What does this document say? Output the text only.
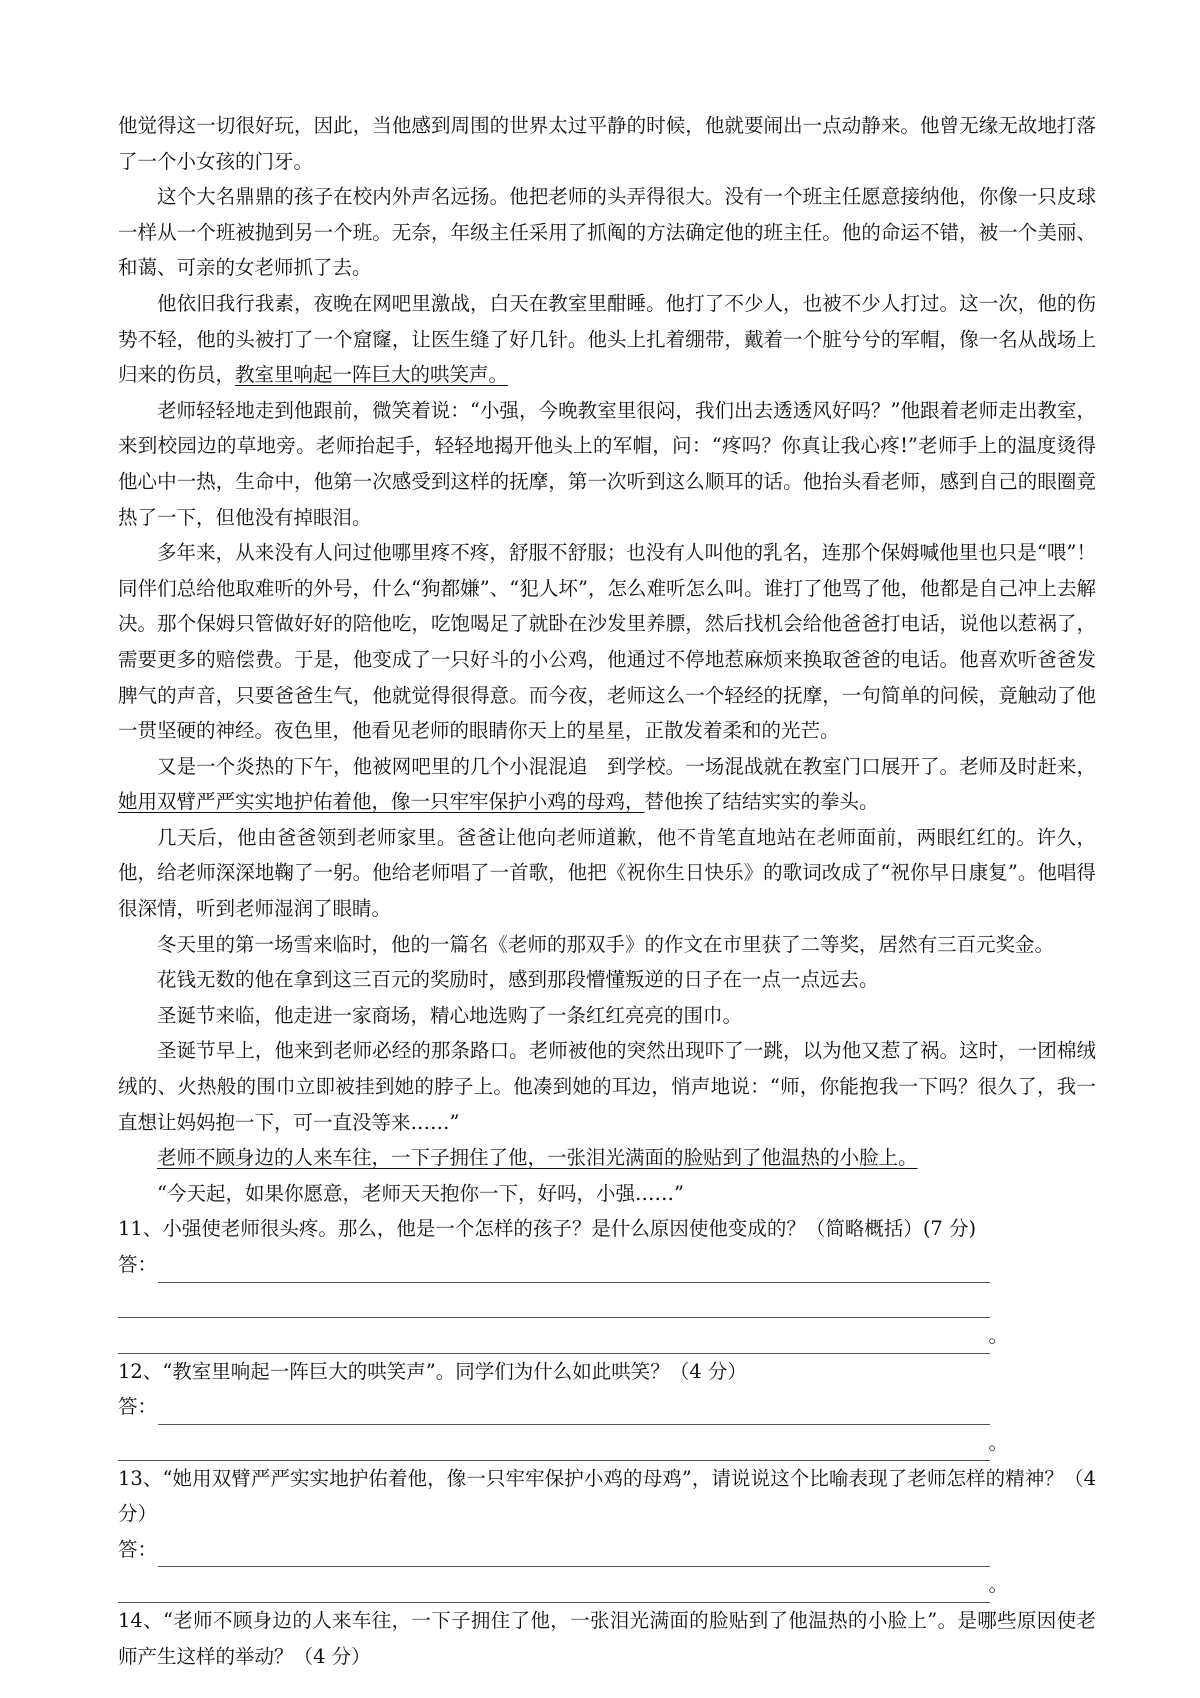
他觉得这一切很好玩，因此，当他感到周围的世界太过平静的时候，他就要闹出一点动静来。他曾无缘无故地打落了一个小女孩的门牙。

这个大名鼎鼎的孩子在校内外声名远扬。他把老师的头弄得很大。没有一个班主任愿意接纳他，你像一只皮球一样从一个班被抛到另一个班。无奈，年级主任采用了抓阄的方法确定他的班主任。他的命运不错，被一个美丽、和蔼、可亲的女老师抓了去。

他依旧我行我素，夜晚在网吧里激战，白天在教室里酣睡。他打了不少人，也被不少人打过。这一次，他的伤势不轻，他的头被打了一个窟窿，让医生缝了好几针。他头上扎着绷带，戴着一个脏兮兮的军帽，像一名从战场上归来的伤员，教室里响起一阵巨大的哄笑声。

老师轻轻地走到他跟前，微笑着说：“小强，今晚教室里很闷，我们出去透透风好吗？”他跟着老师走出教室，来到校园边的草地旁。老师抬起手，轻轻地揭开他头上的军帽，问：“疼吗？你真让我心疼!”老师手上的温度烫得他心中一热，生命中，他第一次感受到这样的抚摩，第一次听到这么顺耳的话。他抬头看老师，感到自己的眼圈竟热了一下，但他没有掉眼泪。

多年来，从来没有人问过他哪里疼不疼，舒服不舒服；也没有人叫他的乳名，连那个保姆喊他里也只是“喂”！同伴们总给他取难听的外号，什么“狗都嫌”、“犯人坏”，怎么难听怎么叫。谁打了他骂了他，他都是自己冲上去解决。那个保姆只管做好好的陪他吃，吃饱喝足了就卧在沙发里养膘，然后找机会给他爸爸打电话，说他以惹祸了，需要更多的赔偿费。于是，他变成了一只好斗的小公鸡，他通过不停地惹麻烦来换取爸爸的电话。他喜欢听爸爸发脾气的声音，只要爸爸生气，他就觉得很得意。而今夜，老师这么一个轻经的抚摩，一句简单的问候，竟触动了他一贯坚硬的神经。夜色里，他看见老师的眼睛你天上的星星，正散发着柔和的光芒。

又是一个炎热的下午，他被网吧里的几个小混混追　到学校。一场混战就在教室门口展开了。老师及时赶来，她用双臂严严实实地护佑着他，像一只牢牢保护小鸡的母鸡，替他挨了结结实实的拳头。

几天后，他由爸爸领到老师家里。爸爸让他向老师道歉，他不肯笔直地站在老师面前，两眼红红的。许久，他，给老师深深地鞠了一躬。他给老师唱了一首歌，他把《祝你生日快乐》的歌词改成了“祝你早日康复”。他唱得很深情，听到老师湿润了眼睛。

冬天里的第一场雪来临时，他的一篇名《老师的那双手》的作文在市里获了二等奖，居然有三百元奖金。

花钱无数的他在拿到这三百元的奖励时，感到那段懵懂叛逆的日子在一点一点远去。

圣诞节来临，他走进一家商场，精心地选购了一条红红亮亮的围巾。

圣诞节早上，他来到老师必经的那条路口。老师被他的突然出现吓了一跳，以为他又惹了祸。这时，一团棉绒绒的、火热般的围巾立即被挂到她的脖子上。他凑到她的耳边，悄声地说：“师，你能抱我一下吗？很久了，我一直想让妈妈抱一下，可一直没等来……”

老师不顾身边的人来车往，一下子拥住了他，一张泪光满面的脸贴到了他温热的小脸上。

“今天起，如果你愿意，老师天天抱你一下，好吗，小强……”

11、小强使老师很头疼。那么，他是一个怎样的孩子？是什么原因使他变成的？（简略概括）(7 分)

答：
。

12、“教室里响起一阵巨大的哄笑声”。同学们为什么如此哄笑？（4 分）

答：
。

13、“她用双臂严严实实地护佑着他，像一只牢牢保护小鸡的母鸡”，请说说这个比喻表现了老师怎样的精神？（4 分）

答：
。

14、“老师不顾身边的人来车往，一下子拥住了他，一张泪光满面的脸贴到了他温热的小脸上”。是哪些原因使老师产生这样的举动？（4 分）
